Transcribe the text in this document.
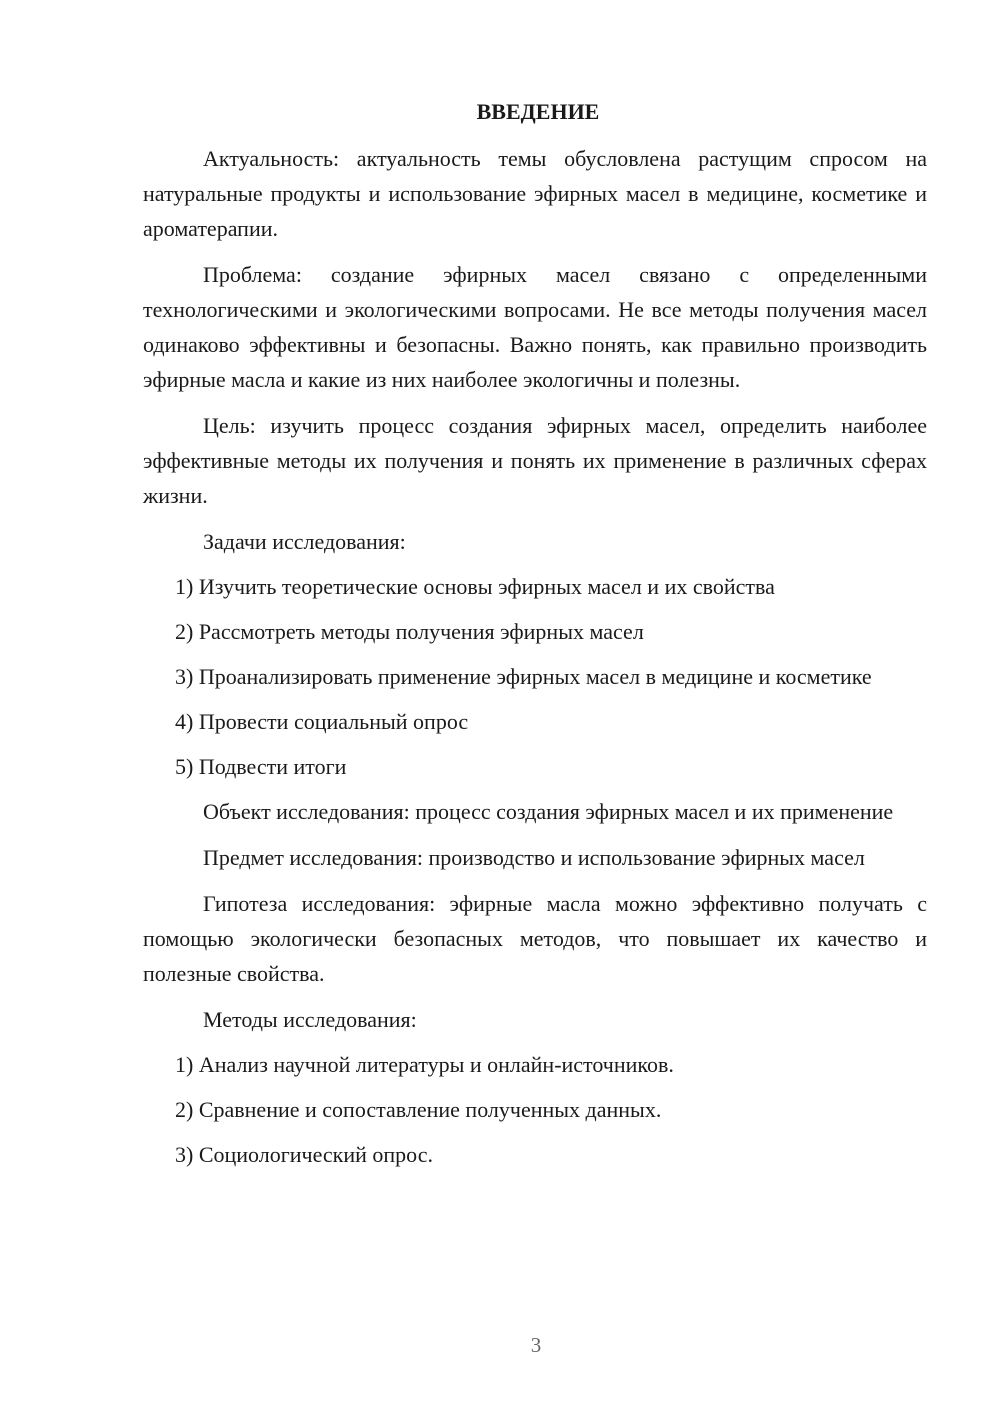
ВВЕДЕНИЕ
Актуальность: актуальность темы обусловлена растущим спросом на натуральные продукты и использование эфирных масел в медицине, косметике и ароматерапии.
Проблема: создание эфирных масел связано с определенными технологическими и экологическими вопросами. Не все методы получения масел одинаково эффективны и безопасны. Важно понять, как правильно производить эфирные масла и какие из них наиболее экологичны и полезны.
Цель: изучить процесс создания эфирных масел, определить наиболее эффективные методы их получения и понять их применение в различных сферах жизни.
Задачи исследования:
1) Изучить теоретические основы эфирных масел и их свойства
2) Рассмотреть методы получения эфирных масел
3) Проанализировать применение эфирных масел в медицине и косметике
4) Провести социальный опрос
5) Подвести итоги
Объект исследования: процесс создания эфирных масел и их применение
Предмет исследования: производство и использование эфирных масел
Гипотеза исследования: эфирные масла можно эффективно получать с помощью экологически безопасных методов, что повышает их качество и полезные свойства.
Методы исследования:
1) Анализ научной литературы и онлайн-источников.
2) Сравнение и сопоставление полученных данных.
3) Социологический опрос.
3
